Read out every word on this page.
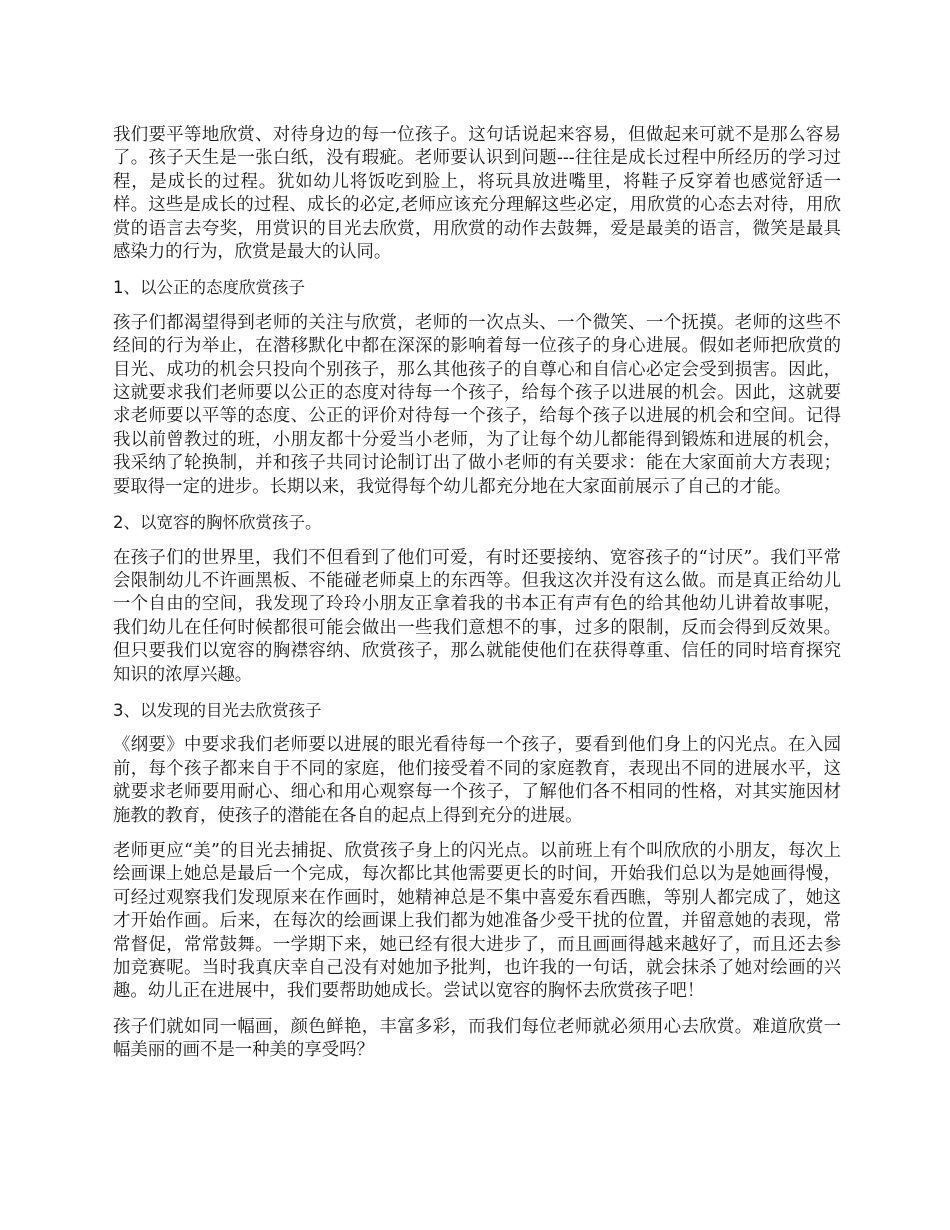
我们要平等地欣赏、对待身边的每一位孩子。这句话说起来容易，但做起来可就不是那么容易了。孩子天生是一张白纸，没有瑕疵。老师要认识到问题---往往是成长过程中所经历的学习过程，是成长的过程。犹如幼儿将饭吃到脸上，将玩具放进嘴里，将鞋子反穿着也感觉舒适一样。这些是成长的过程、成长的必定,老师应该充分理解这些必定，用欣赏的心态去对待，用欣赏的语言去夸奖，用赏识的目光去欣赏，用欣赏的动作去鼓舞，爱是最美的语言，微笑是最具感染力的行为，欣赏是最大的认同。

1、以公正的态度欣赏孩子

孩子们都渴望得到老师的关注与欣赏，老师的一次点头、一个微笑、一个抚摸。老师的这些不经间的行为举止，在潜移默化中都在深深的影响着每一位孩子的身心进展。假如老师把欣赏的目光、成功的机会只投向个别孩子，那么其他孩子的自尊心和自信心必定会受到损害。因此，这就要求我们老师要以公正的态度对待每一个孩子，给每个孩子以进展的机会。因此，这就要求老师要以平等的态度、公正的评价对待每一个孩子，给每个孩子以进展的机会和空间。记得我以前曾教过的班，小朋友都十分爱当小老师，为了让每个幼儿都能得到锻炼和进展的机会，我采纳了轮换制，并和孩子共同讨论制订出了做小老师的有关要求：能在大家面前大方表现；要取得一定的进步。长期以来，我觉得每个幼儿都充分地在大家面前展示了自己的才能。

2、以宽容的胸怀欣赏孩子。

在孩子们的世界里，我们不但看到了他们可爱，有时还要接纳、宽容孩子的“讨厌”。我们平常会限制幼儿不许画黑板、不能碰老师桌上的东西等。但我这次并没有这么做。而是真正给幼儿一个自由的空间，我发现了玲玲小朋友正拿着我的书本正有声有色的给其他幼儿讲着故事呢，我们幼儿在任何时候都很可能会做出一些我们意想不的事，过多的限制，反而会得到反效果。但只要我们以宽容的胸襟容纳、欣赏孩子，那么就能使他们在获得尊重、信任的同时培育探究知识的浓厚兴趣。

3、以发现的目光去欣赏孩子

《纲要》中要求我们老师要以进展的眼光看待每一个孩子，要看到他们身上的闪光点。在入园前，每个孩子都来自于不同的家庭，他们接受着不同的家庭教育，表现出不同的进展水平，这就要求老师要用耐心、细心和用心观察每一个孩子，了解他们各不相同的性格，对其实施因材施教的教育，使孩子的潜能在各自的起点上得到充分的进展。

老师更应“美”的目光去捕捉、欣赏孩子身上的闪光点。以前班上有个叫欣欣的小朋友，每次上绘画课上她总是最后一个完成，每次都比其他需要更长的时间，开始我们总以为是她画得慢，可经过观察我们发现原来在作画时，她精神总是不集中喜爱东看西瞧，等别人都完成了，她这才开始作画。后来，在每次的绘画课上我们都为她准备少受干扰的位置，并留意她的表现，常常督促，常常鼓舞。一学期下来，她已经有很大进步了，而且画画得越来越好了，而且还去参加竞赛呢。当时我真庆幸自己没有对她加予批判，也许我的一句话，就会抹杀了她对绘画的兴趣。幼儿正在进展中，我们要帮助她成长。尝试以宽容的胸怀去欣赏孩子吧！

孩子们就如同一幅画，颜色鲜艳，丰富多彩，而我们每位老师就必须用心去欣赏。难道欣赏一幅美丽的画不是一种美的享受吗？
